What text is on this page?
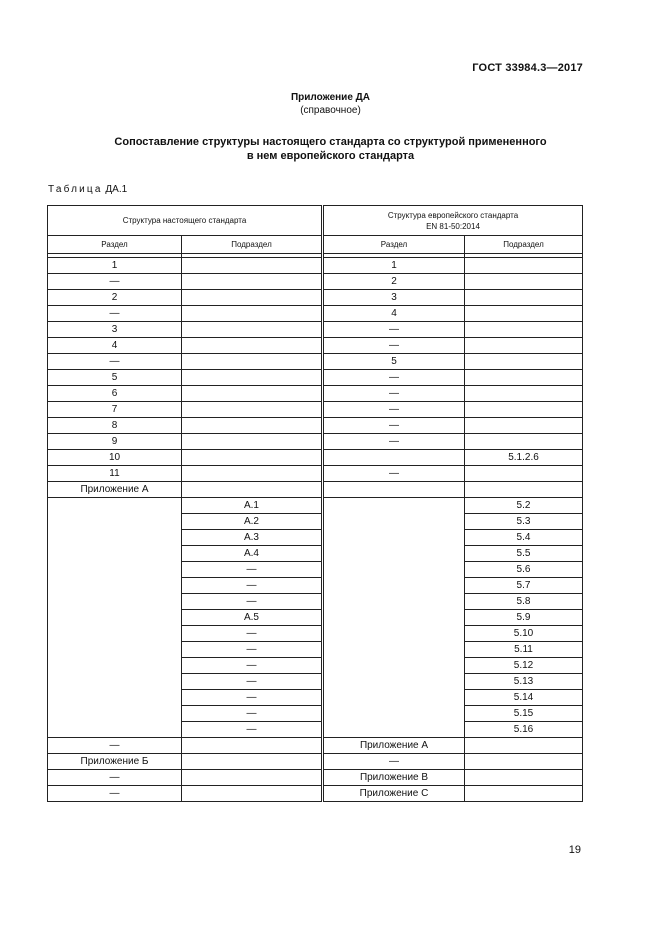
ГОСТ 33984.3—2017
Приложение ДА
(справочное)
Сопоставление структуры настоящего стандарта со структурой примененного
в нем европейского стандарта
Таблица ДА.1
Структура настоящего стандарта		Структура европейского стандарта
EN 81-50:2014	

Раздел	Подраздел	Раздел	Подраздел

1		1	
—		2	
2		3	
—		4	
3		—	
4		—	
—		5	
5		—	
6		—	
7		—	
8		—	
9		—	
10			5.1.2.6
11		—	
Приложение А			
	А.1		5.2
	А.2		5.3
	А.3		5.4
	А.4		5.5
	—		5.6
	—		5.7
	—		5.8
	А.5		5.9
	—		5.10
	—		5.11
	—		5.12
	—		5.13
	—		5.14
	—		5.15
	—		5.16
—		Приложение А	
Приложение Б		—	
—		Приложение В	
—		Приложение С	
19
